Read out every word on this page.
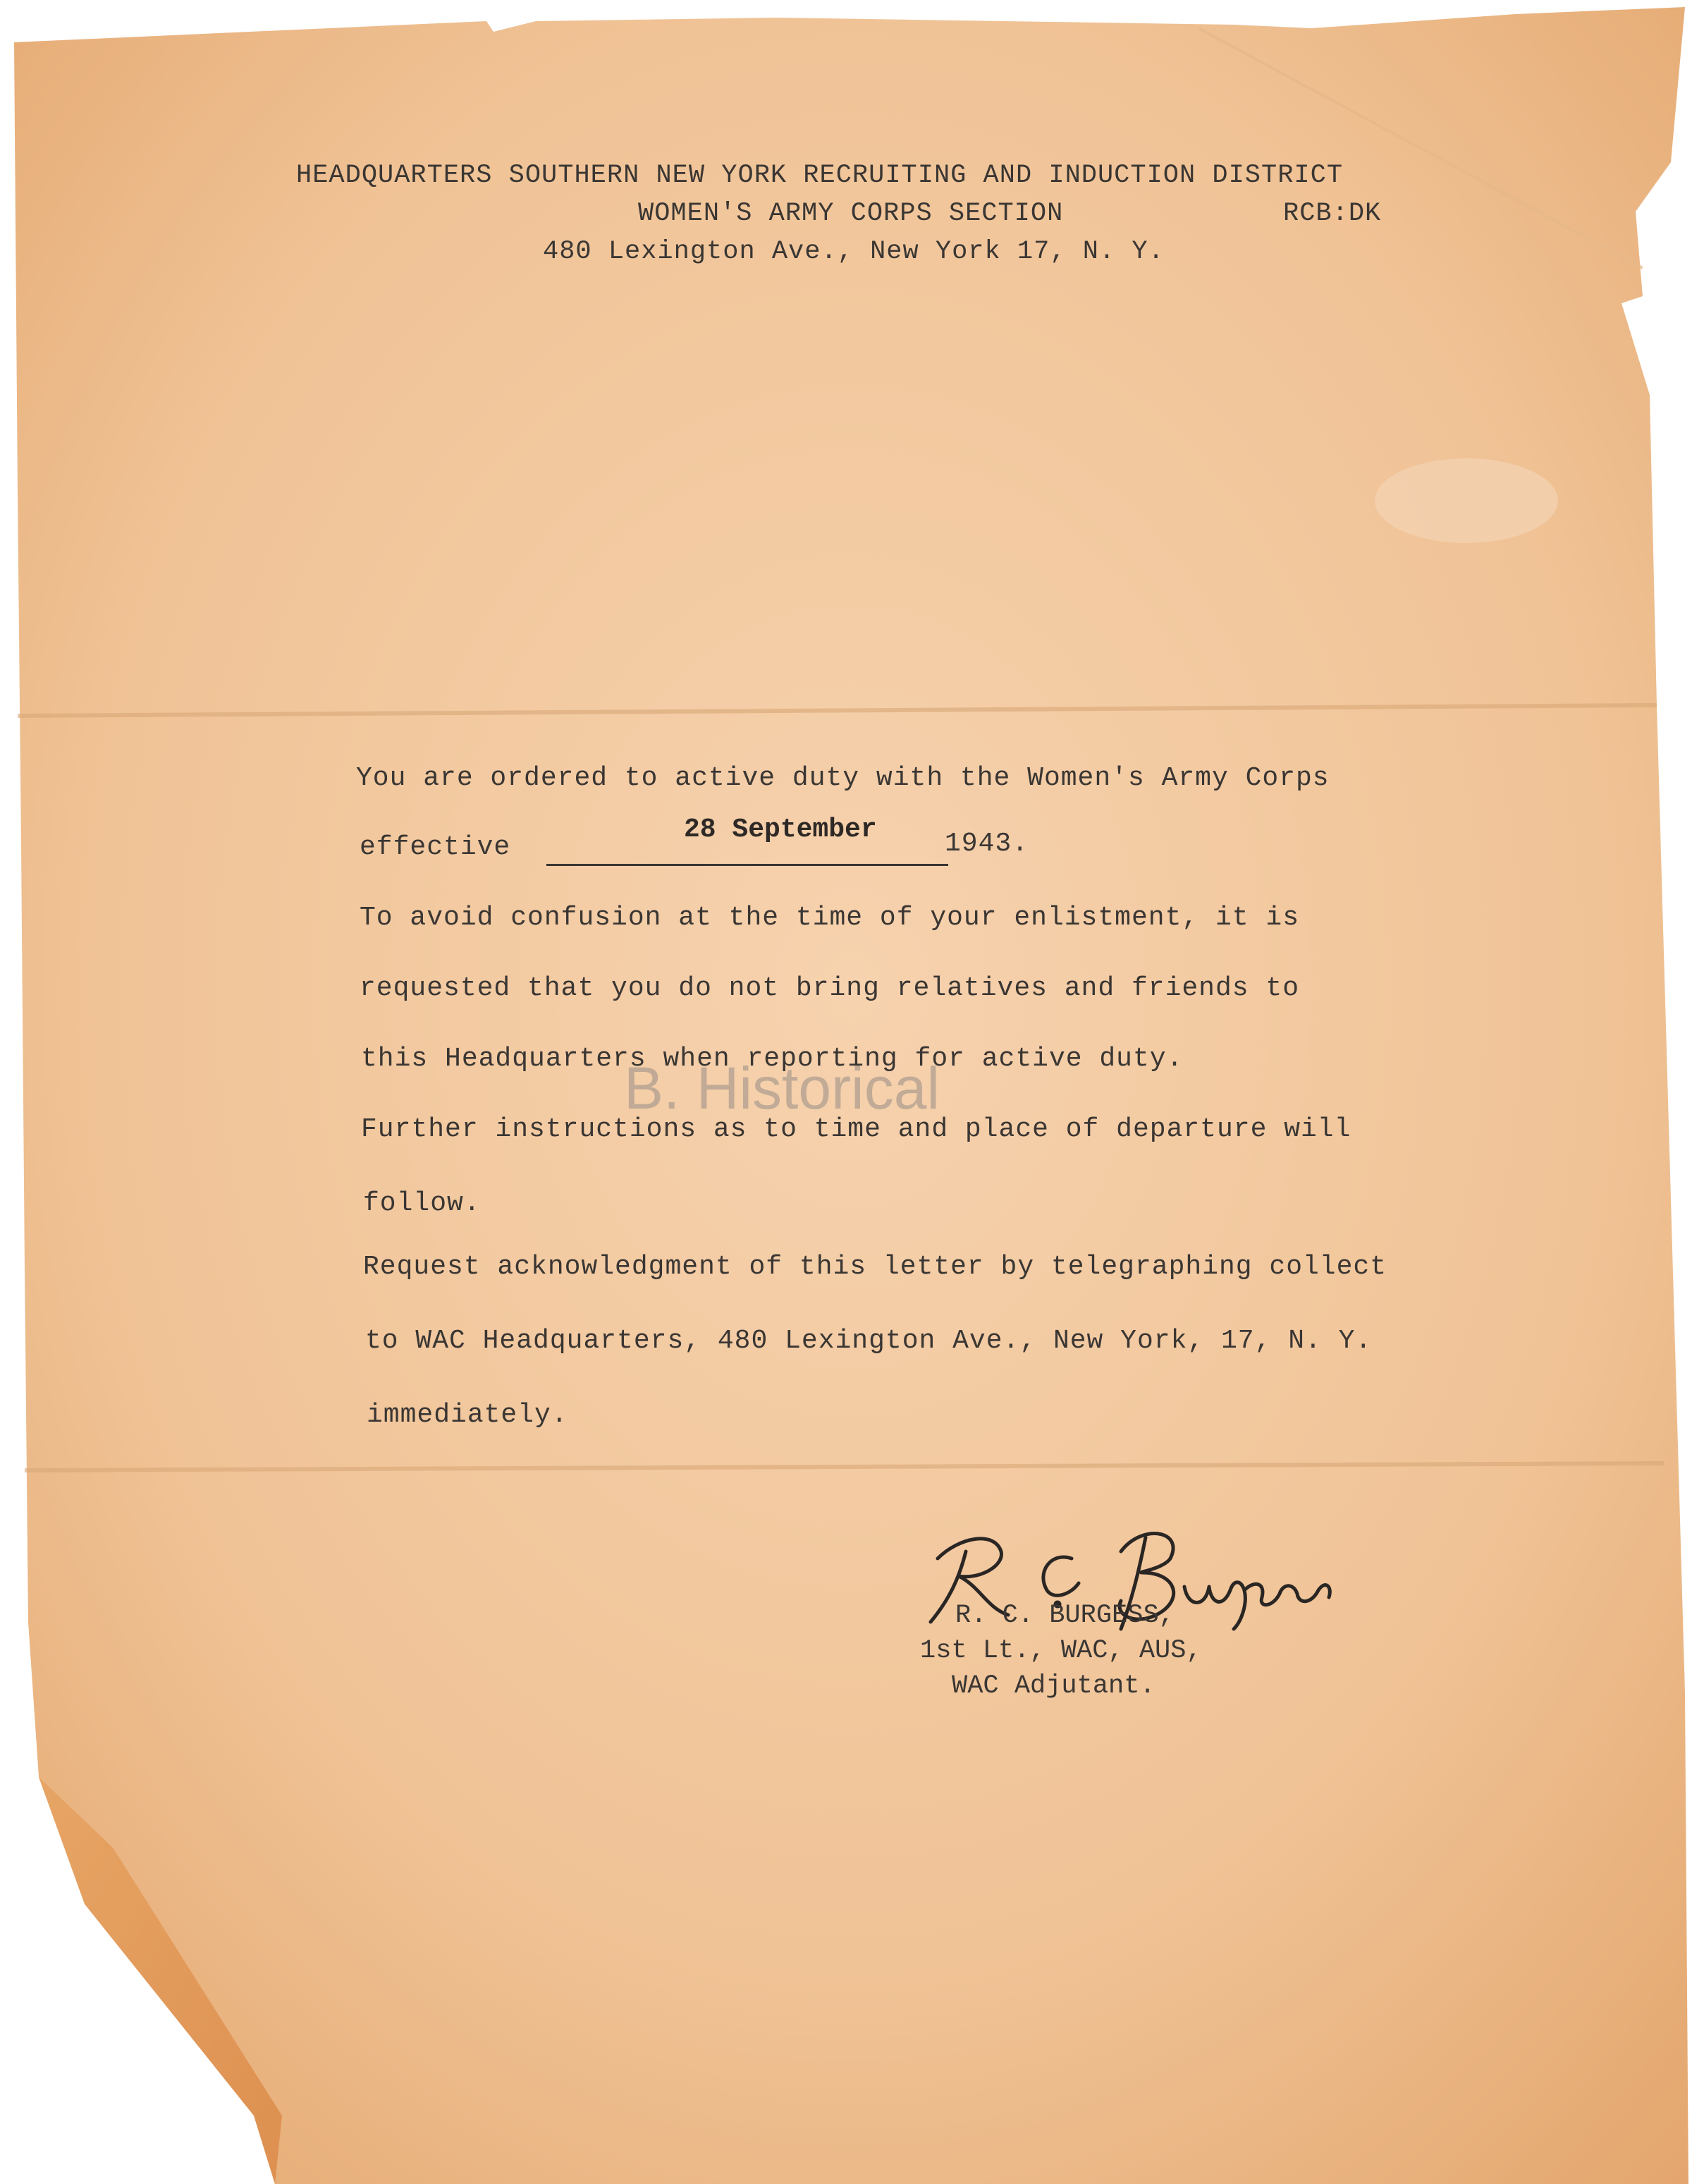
HEADQUARTERS SOUTHERN NEW YORK RECRUITING AND INDUCTION DISTRICT
WOMEN'S ARMY CORPS SECTION	RCB:DK
480 Lexington Ave., New York 17, N. Y.
You are ordered to active duty with the Women's Army Corps
effective
28 September	1943.
To avoid confusion at the time of your enlistment, it is
requested that you do not bring relatives and friends to
this Headquarters when reporting for active duty.
Further instructions as to time and place of departure will
follow.
Request acknowledgment of this letter by telegraphing collect
to WAC Headquarters, 480 Lexington Ave., New York, 17, N. Y.
immediately.
B. Historical
R. C. BURGESS,
1st Lt., WAC, AUS,
WAC Adjutant.
